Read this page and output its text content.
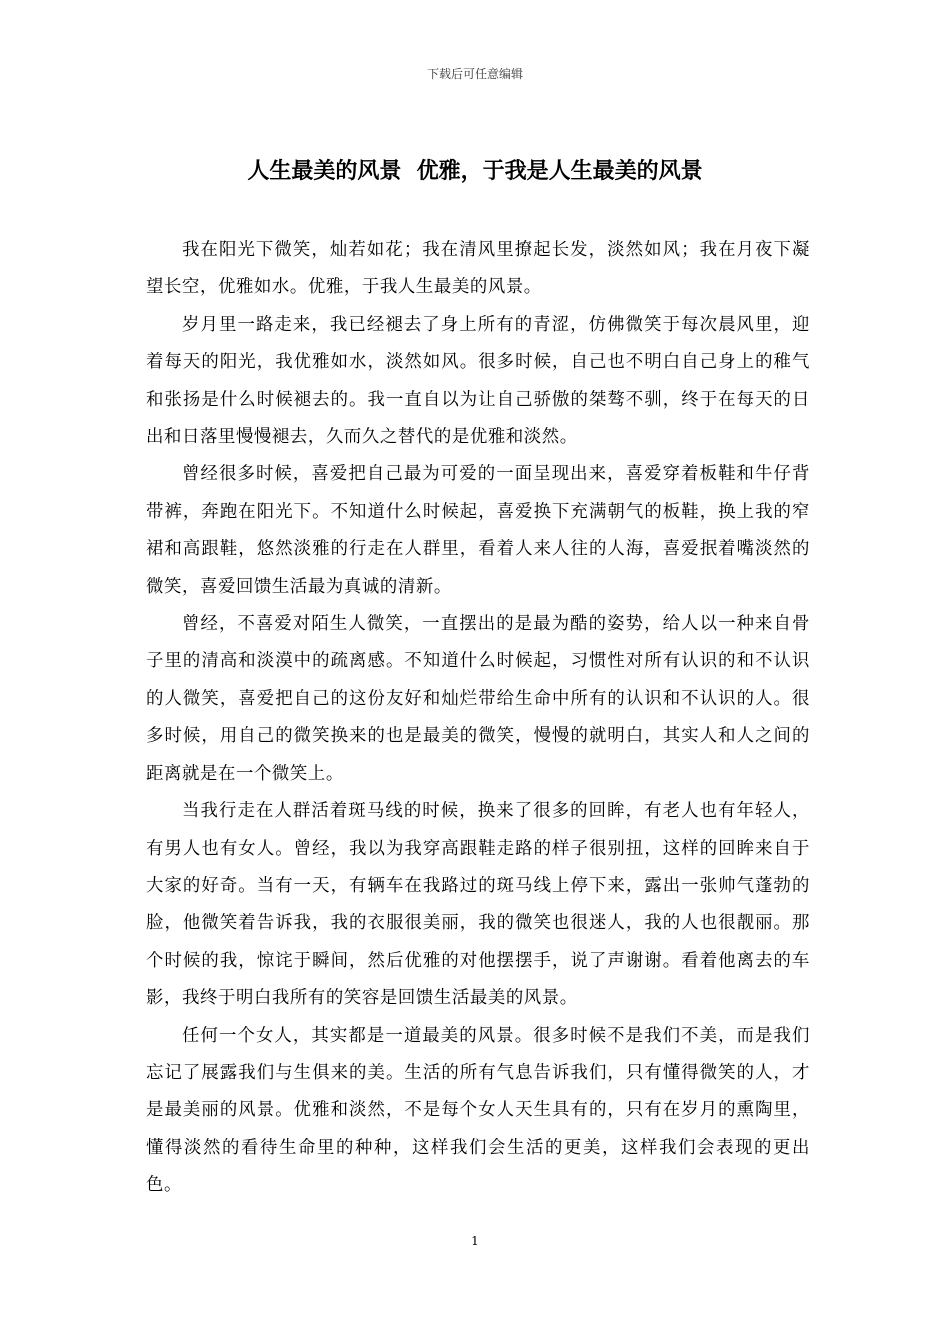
下载后可任意编辑
人生最美的风景  优雅，于我是人生最美的风景

我在阳光下微笑，灿若如花；我在清风里撩起长发，淡然如风；我在月夜下凝望长空，优雅如水。优雅，于我人生最美的风景。

岁月里一路走来，我已经褪去了身上所有的青涩，仿佛微笑于每次晨风里，迎着每天的阳光，我优雅如水，淡然如风。很多时候，自己也不明白自己身上的稚气和张扬是什么时候褪去的。我一直自以为让自己骄傲的桀骜不驯，终于在每天的日出和日落里慢慢褪去，久而久之替代的是优雅和淡然。

曾经很多时候，喜爱把自己最为可爱的一面呈现出来，喜爱穿着板鞋和牛仔背带裤，奔跑在阳光下。不知道什么时候起，喜爱换下充满朝气的板鞋，换上我的窄裙和高跟鞋，悠然淡雅的行走在人群里，看着人来人往的人海，喜爱抿着嘴淡然的微笑，喜爱回馈生活最为真诚的清新。

曾经，不喜爱对陌生人微笑，一直摆出的是最为酷的姿势，给人以一种来自骨子里的清高和淡漠中的疏离感。不知道什么时候起，习惯性对所有认识的和不认识的人微笑，喜爱把自己的这份友好和灿烂带给生命中所有的认识和不认识的人。很多时候，用自己的微笑换来的也是最美的微笑，慢慢的就明白，其实人和人之间的距离就是在一个微笑上。

当我行走在人群活着斑马线的时候，换来了很多的回眸，有老人也有年轻人，有男人也有女人。曾经，我以为我穿高跟鞋走路的样子很别扭，这样的回眸来自于大家的好奇。当有一天，有辆车在我路过的斑马线上停下来，露出一张帅气蓬勃的脸，他微笑着告诉我，我的衣服很美丽，我的微笑也很迷人，我的人也很靓丽。那个时候的我，惊诧于瞬间，然后优雅的对他摆摆手，说了声谢谢。看着他离去的车影，我终于明白我所有的笑容是回馈生活最美的风景。

任何一个女人，其实都是一道最美的风景。很多时候不是我们不美，而是我们忘记了展露我们与生俱来的美。生活的所有气息告诉我们，只有懂得微笑的人，才是最美丽的风景。优雅和淡然，不是每个女人天生具有的，只有在岁月的熏陶里，懂得淡然的看待生命里的种种，这样我们会生活的更美，这样我们会表现的更出色。

1
